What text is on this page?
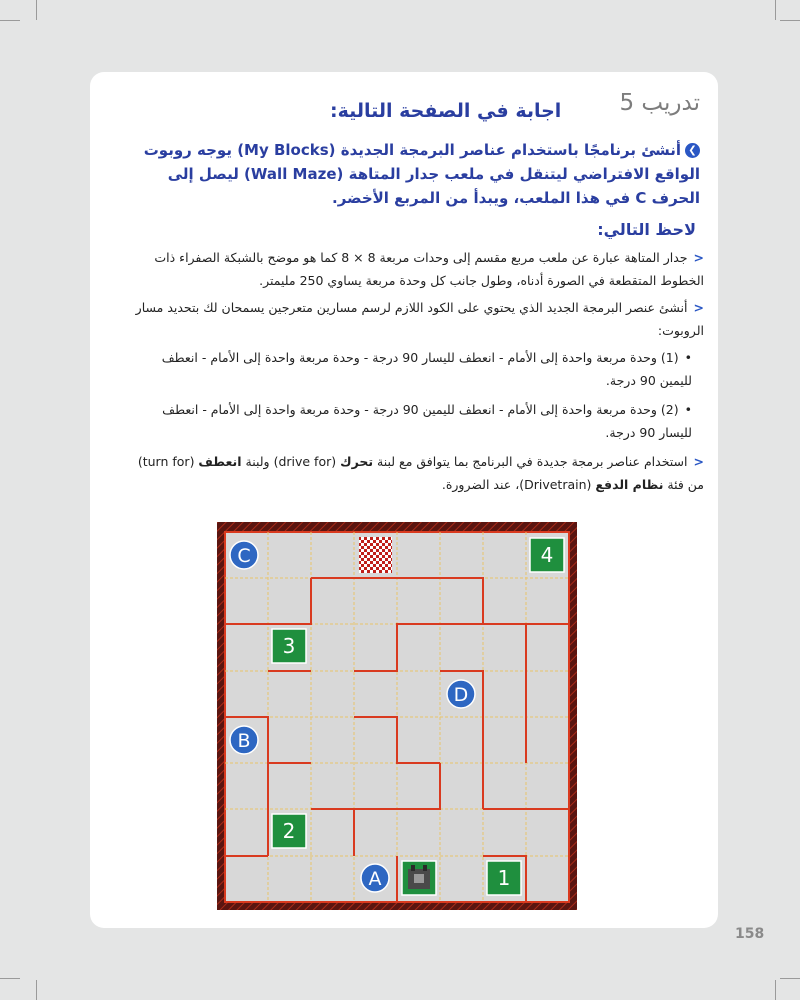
تدريب 5
اجابة في الصفحة التالية:
❯أنشئ برنامجًا باستخدام عناصر البرمجة الجديدة (My Blocks) يوجه روبوت الواقع الافتراضي ليتنقل في ملعب جدار المتاهة (Wall Maze) ليصل إلى الحرف C في هذا الملعب، ويبدأ من المربع الأخضر.
لاحظ التالي:

<جدار المتاهة عبارة عن ملعب مربع مقسم إلى وحدات مربعة 8 × 8 كما هو موضح بالشبكة الصفراء ذات الخطوط المتقطعة في الصورة أدناه، وطول جانب كل وحدة مربعة يساوي 250 مليمتر.

<أنشئ عنصر البرمجة الجديد الذي يحتوي على الكود اللازم لرسم مسارين متعرجين يسمحان لك بتحديد مسار الروبوت:

•(1) وحدة مربعة واحدة إلى الأمام - انعطف لليسار 90 درجة - وحدة مربعة واحدة إلى الأمام - انعطف لليمين 90 درجة.

•(2) وحدة مربعة واحدة إلى الأمام - انعطف لليمين 90 درجة - وحدة مربعة واحدة إلى الأمام - انعطف لليسار 90 درجة.

<استخدام عناصر برمجة جديدة في البرنامج بما يتوافق مع لبنة تحرك (drive for) ولبنة انعطف (turn for) من فئة نظام الدفع (Drivetrain)، عند الضرورة.

4
3
2
1
C
D
B
A
158
